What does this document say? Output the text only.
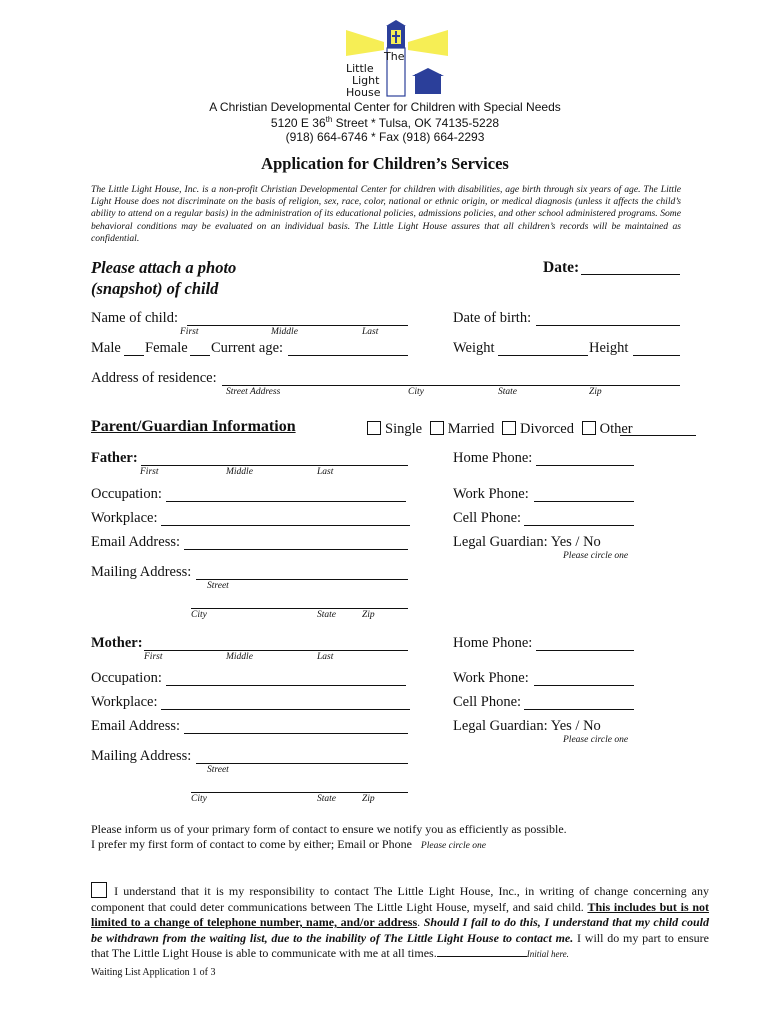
The
Little
Light
House
A Christian Developmental Center for Children with Special Needs
5120 E 36th Street * Tulsa, OK 74135-5228
(918) 664-6746 * Fax (918) 664-2293
Application for Children’s Services
The Little Light House, Inc. is a non-profit Christian Developmental Center for children with disabilities, age birth through six years of age. The Little Light House does not discriminate on the basis of religion, sex, race, color, national or ethnic origin, or medical diagnosis (unless it affects the child’s ability to attend on a regular basis) in the administration of its educational policies, admissions policies, and other school administered programs. Some behavioral conditions may be evaluated on an individual basis. The Little Light House assures that all children’s records will be maintained as confidential.
Please attach a photo
(snapshot) of child
Date:
Name of child:
First	Middle	Last
Date of birth:
Male Female Current age:	Weight	Height
Address of residence:
Street Address	City	State	Zip
Parent/Guardian Information	Single Married Divorced Other
Father:
First	Middle	Last
Home Phone:
Occupation:	Work Phone:
Workplace:	Cell Phone:
Email Address:	Legal Guardian: Yes / No
Please circle one
Mailing Address:
Street
City	State	Zip
Mother:
First	Middle	Last
Home Phone:
Occupation:	Work Phone:
Workplace:	Cell Phone:
Email Address:	Legal Guardian: Yes / No
Please circle one
Mailing Address:
Street
City	State	Zip
Please inform us of your primary form of contact to ensure we notify you as efficiently as possible.
I prefer my first form of contact to come by either; Email or Phone Please circle one
I understand that it is my responsibility to contact The Little Light House, Inc., in writing of change concerning any component that could deter communications between The Little Light House, myself, and said child. This includes but is not limited to a change of telephone number, name, and/or address. Should I fail to do this, I understand that my child could be withdrawn from the waiting list, due to the inability of The Little Light House to contact me. I will do my part to ensure that The Little Light House is able to communicate with me at all times.	Initial here.
Waiting List Application 1 of 3
